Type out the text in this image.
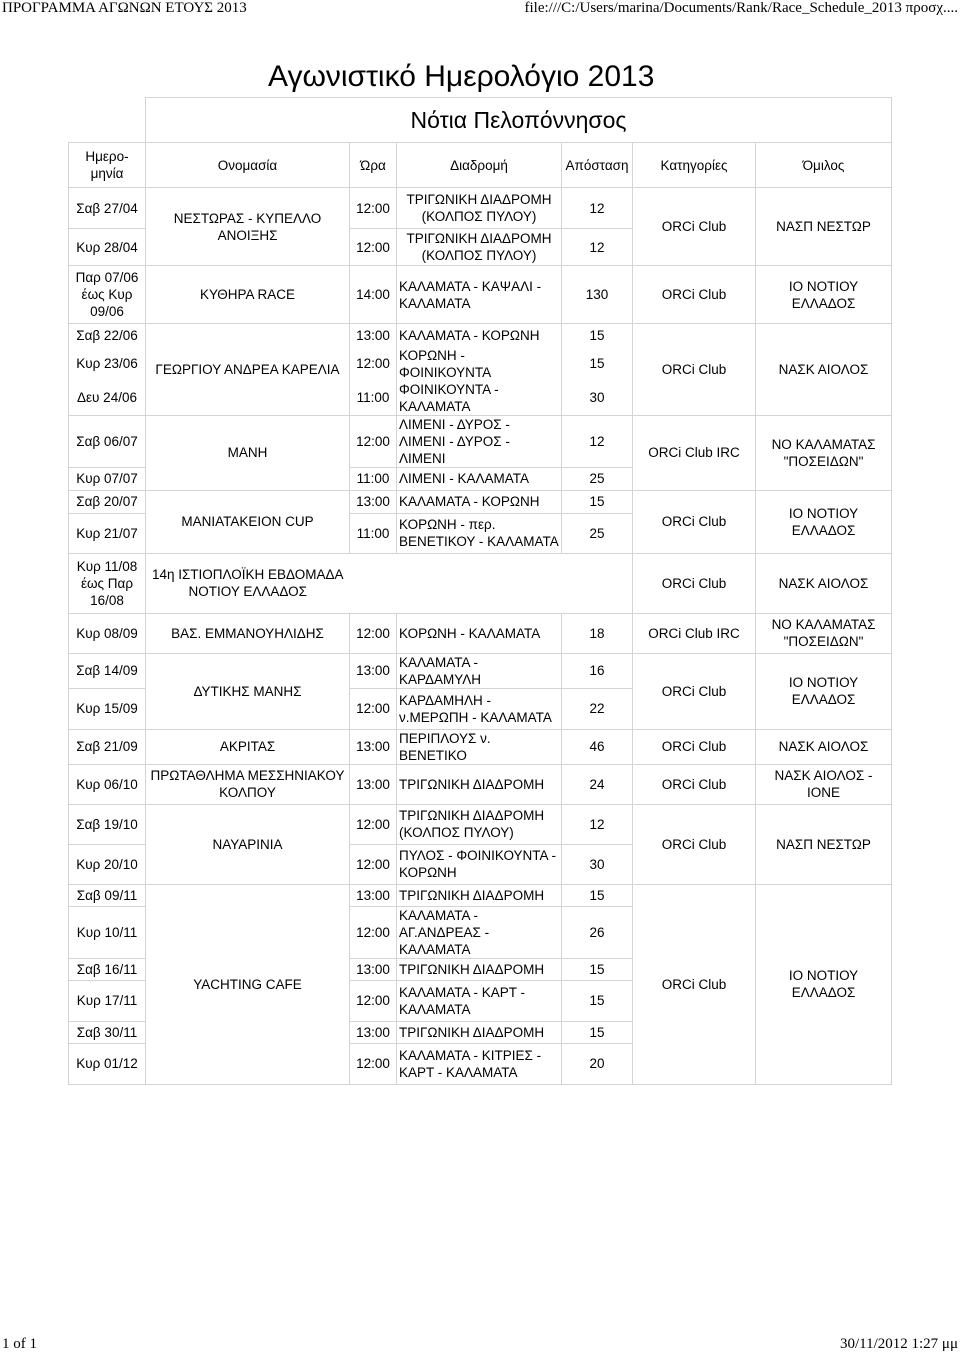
ΠΡΟΓΡΑΜΜΑ ΑΓΩΝΩΝ ΕΤΟΥΣ 2013	file:///C:/Users/marina/Documents/Rank/Race_Schedule_2013 προσχ....
Αγωνιστικό Ημερολόγιο 2013
	Νότια Πελοπόννησος					
Ημερο-μηνία	Ονομασία	Ώρα	Διαδρομή	Απόσταση	Κατηγορίες	Όμιλος
Σαβ 27/04	ΝΕΣΤΩΡΑΣ - ΚΥΠΕΛΛΟ ΑΝΟΙΞΗΣ	12:00	ΤΡΙΓΩΝΙΚΗ ΔΙΑΔΡΟΜΗ (ΚΟΛΠΟΣ ΠΥΛΟΥ)	12	ORCi Club	ΝΑΣΠ ΝΕΣΤΩΡ
Κυρ 28/04		12:00	ΤΡΙΓΩΝΙΚΗ ΔΙΑΔΡΟΜΗ (ΚΟΛΠΟΣ ΠΥΛΟΥ)	12		
Παρ 07/06 έως Κυρ 09/06	ΚΥΘΗΡΑ RACE	14:00	ΚΑΛΑΜΑΤΑ - ΚΑΨΑΛΙ - ΚΑΛΑΜΑΤΑ	130	ORCi Club	ΙΟ ΝΟΤΙΟΥ ΕΛΛΑΔΟΣ
Σαβ 22/06	ΓΕΩΡΓΙΟΥ ΑΝΔΡΕΑ ΚΑΡΕΛΙΑ	13:00	ΚΑΛΑΜΑΤΑ - ΚΟΡΩΝΗ	15	ORCi Club	ΝΑΣΚ ΑΙΟΛΟΣ
Κυρ 23/06		12:00	ΚΟΡΩΝΗ - ΦΟΙΝΙΚΟΥΝΤΑ	15		
Δευ 24/06		11:00	ΦΟΙΝΙΚΟΥΝΤΑ - ΚΑΛΑΜΑΤΑ	30		
Σαβ 06/07	ΜΑΝΗ	12:00	ΛΙΜΕΝΙ - ΔΥΡΟΣ - ΛΙΜΕΝΙ - ΔΥΡΟΣ - ΛΙΜΕΝΙ	12	ORCi Club IRC	ΝΟ ΚΑΛΑΜΑΤΑΣ "ΠΟΣΕΙΔΩΝ"
Κυρ 07/07		11:00	ΛΙΜΕΝΙ - ΚΑΛΑΜΑΤΑ	25		
Σαβ 20/07	ΜΑΝΙΑΤΑΚΕΙΟΝ CUP	13:00	ΚΑΛΑΜΑΤΑ - ΚΟΡΩΝΗ	15	ORCi Club	ΙΟ ΝΟΤΙΟΥ ΕΛΛΑΔΟΣ
Κυρ 21/07		11:00	ΚΟΡΩΝΗ - περ. ΒΕΝΕΤΙΚΟΥ - ΚΑΛΑΜΑΤΑ	25		
Κυρ 11/08 έως Παρ 16/08	14η ΙΣΤΙΟΠΛΟΪΚΗ ΕΒΔΟΜΑΔΑ ΝΟΤΙΟΥ ΕΛΛΑΔΟΣ				ORCi Club	ΝΑΣΚ ΑΙΟΛΟΣ
Κυρ 08/09	ΒΑΣ. ΕΜΜΑΝΟΥΗΛΙΔΗΣ	12:00	ΚΟΡΩΝΗ - ΚΑΛΑΜΑΤΑ	18	ORCi Club IRC	ΝΟ ΚΑΛΑΜΑΤΑΣ "ΠΟΣΕΙΔΩΝ"
Σαβ 14/09	ΔΥΤΙΚΗΣ ΜΑΝΗΣ	13:00	ΚΑΛΑΜΑΤΑ - ΚΑΡΔΑΜΥΛΗ	16	ORCi Club	ΙΟ ΝΟΤΙΟΥ ΕΛΛΑΔΟΣ
Κυρ 15/09		12:00	ΚΑΡΔΑΜΗΛΗ - ν.ΜΕΡΩΠΗ - ΚΑΛΑΜΑΤΑ	22		
Σαβ 21/09	ΑΚΡΙΤΑΣ	13:00	ΠΕΡΙΠΛΟΥΣ ν. ΒΕΝΕΤΙΚΟ	46	ORCi Club	ΝΑΣΚ ΑΙΟΛΟΣ
Κυρ 06/10	ΠΡΩΤΑΘΛΗΜΑ ΜΕΣΣΗΝΙΑΚΟΥ ΚΟΛΠΟΥ	13:00	ΤΡΙΓΩΝΙΚΗ ΔΙΑΔΡΟΜΗ	24	ORCi Club	ΝΑΣΚ ΑΙΟΛΟΣ - ΙΟΝΕ
Σαβ 19/10	ΝΑΥΑΡΙΝΙΑ	12:00	ΤΡΙΓΩΝΙΚΗ ΔΙΑΔΡΟΜΗ (ΚΟΛΠΟΣ ΠΥΛΟΥ)	12	ORCi Club	ΝΑΣΠ ΝΕΣΤΩΡ
Κυρ 20/10		12:00	ΠΥΛΟΣ - ΦΟΙΝΙΚΟΥΝΤΑ - ΚΟΡΩΝΗ	30		
Σαβ 09/11	YACHTING CAFE	13:00	ΤΡΙΓΩΝΙΚΗ ΔΙΑΔΡΟΜΗ	15	ORCi Club	ΙΟ ΝΟΤΙΟΥ ΕΛΛΑΔΟΣ
Κυρ 10/11		12:00	ΚΑΛΑΜΑΤΑ - ΑΓ.ΑΝΔΡΕΑΣ - ΚΑΛΑΜΑΤΑ	26		
Σαβ 16/11		13:00	ΤΡΙΓΩΝΙΚΗ ΔΙΑΔΡΟΜΗ	15		
Κυρ 17/11		12:00	ΚΑΛΑΜΑΤΑ - ΚΑΡΤ - ΚΑΛΑΜΑΤΑ	15		
Σαβ 30/11		13:00	ΤΡΙΓΩΝΙΚΗ ΔΙΑΔΡΟΜΗ	15		
Κυρ 01/12		12:00	ΚΑΛΑΜΑΤΑ - ΚΙΤΡΙΕΣ - ΚΑΡΤ - ΚΑΛΑΜΑΤΑ	20		
1 of 1	30/11/2012 1:27 μμ
